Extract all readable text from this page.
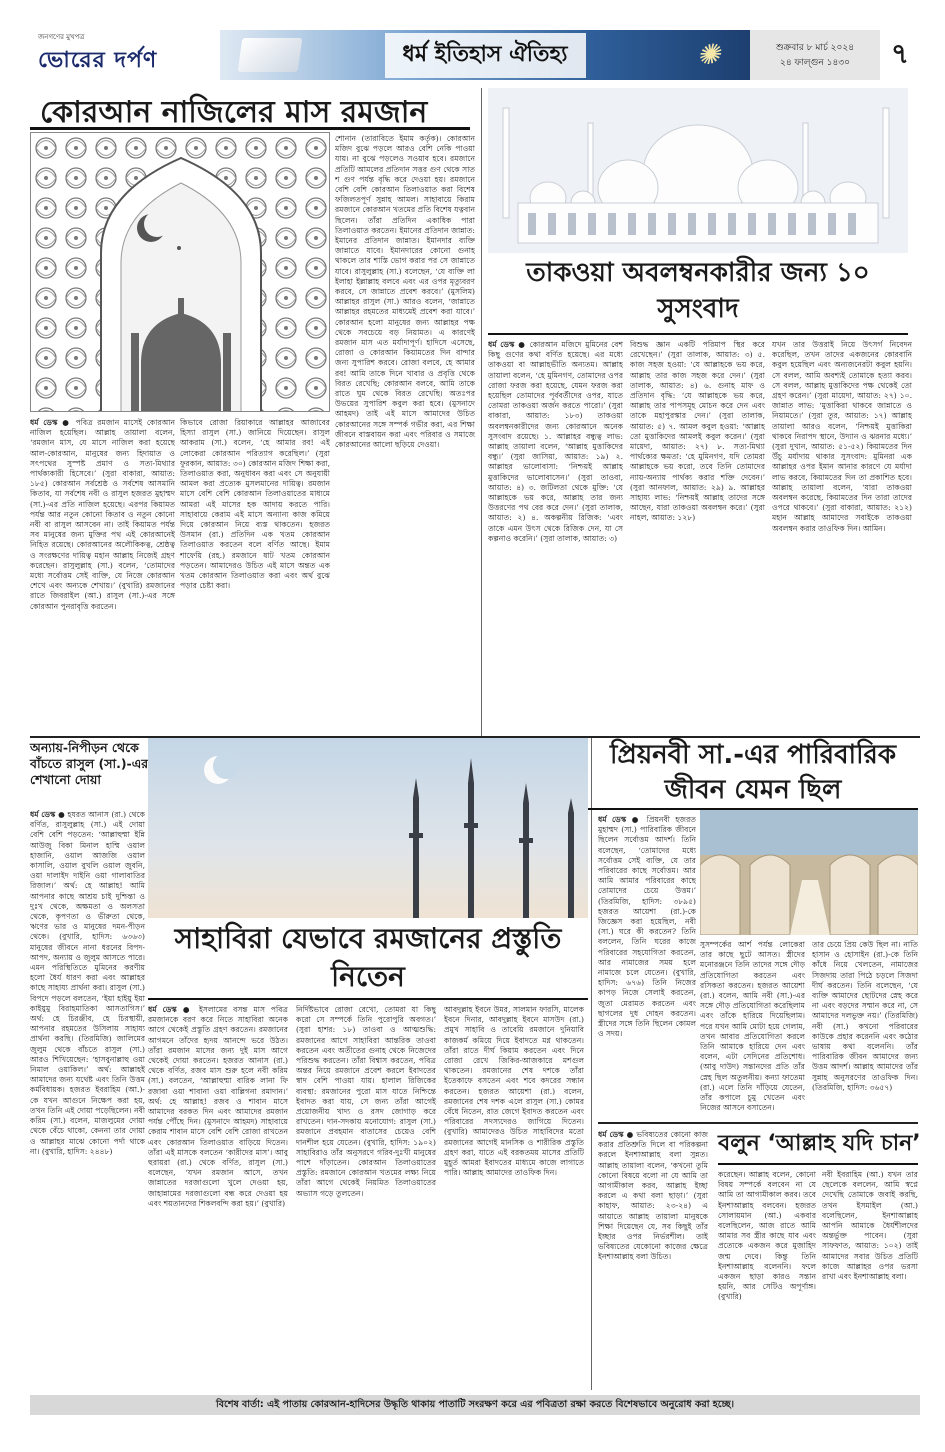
জনগণের মুখপত্র
ভোরের দর্পণ	ধর্ম ইতিহাস ঐতিহ্য	✺	শুক্রবার ৮ মার্চ ২০২৪
২৪ ফাল্গুন ১৪৩০	৭
কোরআন নাজিলের মাস রমজান
ধর্ম ডেস্ক ● পবিত্র রমজান মাসেই কোরআন নাজিল হয়েছিল। আল্লাহ তায়ালা বলেন, ‘রমজান মাস, যে মাসে নাজিল করা হয়েছে আল-কোরআন, মানুষের জন্য হিদায়াত ও সৎপথের সুস্পষ্ট প্রমাণ ও সত্য-মিথ্যার পার্থক্যকারী হিসেবে।’ (সুরা বাকারা, আয়াত: ১৮৫) কোরআন সর্বশ্রেষ্ঠ ও সর্বশেষ আসমানি কিতাব, যা সর্বশেষ নবী ও রাসুল হজরত মুহাম্মদ (সা.)-এর প্রতি নাজিল হয়েছে। এরপর কিয়ামত পর্যন্ত আর নতুন কোনো কিতাব ও নতুন কোনো নবী বা রাসুল আসবেন না। তাই কিয়ামত পর্যন্ত সব মানুষের জন্য মুক্তির পথ এই কোরআনেই নিহিত রয়েছে। কোরআনের অলৌকিকত্ব, শ্রেষ্ঠত্ব ও সংরক্ষণের দায়িত্ব মহান আল্লাহ নিজেই গ্রহণ করেছেন। রাসুলুল্লাহ (সা.) বলেন, ‘তোমাদের মধ্যে সর্বোত্তম সেই ব্যক্তি, যে নিজে কোরআন শেখে এবং অন্যকে শেখায়।’ (বুখারি) রমজানের রাতে জিবরাইল (আ.) রাসুল (সা.)-এর সঙ্গে কোরআন পুনরাবৃত্তি করতেন।
কিভাবে রোজা রিয়াকারে আল্লাহর আজাবের হিস্যা রাসুল (সা.) জানিয়ে দিয়েছেন। রাসুল আকরাম (সা.) বলেন, ‘হে আমার রব! এই লোকেরা কোরআন পরিত্যাগ করেছিল।’ (সুরা ফুরকান, আয়াত: ৩০) কোরআন মজিদ শিক্ষা করা, তিলাওয়াত করা, অনুধাবন করা এবং সে অনুযায়ী আমল করা প্রত্যেক মুসলমানের দায়িত্ব। রমজান মাসে বেশি বেশি কোরআন তিলাওয়াতের মাধ্যমে আমরা এই মাসের হক আদায় করতে পারি। সাহাবায়ে কেরাম এই মাসে অন্যান্য কাজ কমিয়ে দিয়ে কোরআন নিয়ে ব্যস্ত থাকতেন। হজরত উসমান (রা.) প্রতিদিন এক খতম কোরআন তিলাওয়াত করতেন বলে বর্ণিত আছে। ইমাম শাফেয়ি (রহ.) রমজানে ষাট খতম কোরআন পড়তেন। আমাদেরও উচিত এই মাসে অন্তত এক খতম কোরআন তিলাওয়াত করা এবং অর্থ বুঝে পড়ার চেষ্টা করা।
শোনান (তারাবিতে ইমাম কর্তৃক)। কোরআন মজিদ বুঝে পড়লে আরও বেশি নেকি পাওয়া যায়। না বুঝে পড়লেও সওয়াব হবে। রমজানে প্রতিটি আমলের প্রতিদান সত্তর গুণ থেকে সাত শ গুণ পর্যন্ত বৃদ্ধি করে দেওয়া হয়। রমজানে বেশি বেশি কোরআন তিলাওয়াত করা বিশেষ ফজিলতপূর্ণ সুন্নাহ আমল। সাহাবায়ে কিরাম রমজানে কোরআন খতমের প্রতি বিশেষ যত্নবান ছিলেন। তাঁরা প্রতিদিন একাধিক পারা তিলাওয়াত করতেন। ইমানের প্রতিদান জান্নাত: ইমানের প্রতিদান জান্নাত। ইমানদার ব্যক্তি জান্নাতে যাবে। ইমানদারের কোনো গুনাহ থাকলে তার শাস্তি ভোগ করার পর সে জান্নাতে যাবে। রাসুলুল্লাহ (সা.) বলেছেন, ‘যে ব্যক্তি লা ইলাহা ইল্লাল্লাহ বলবে এবং এর ওপর মৃত্যুবরণ করবে, সে জান্নাতে প্রবেশ করবে।’ (মুসলিম) আল্লাহর রাসুল (সা.) আরও বলেন, ‘জান্নাতে আল্লাহর রহমতের মাধ্যমেই প্রবেশ করা যাবে।’ কোরআন হলো মানুষের জন্য আল্লাহর পক্ষ থেকে সবচেয়ে বড় নিয়ামত। এ কারণেই রমজান মাস এত মর্যাদাপূর্ণ। হাদিসে এসেছে, রোজা ও কোরআন কিয়ামতের দিন বান্দার জন্য সুপারিশ করবে। রোজা বলবে, হে আমার রব! আমি তাকে দিনে খাবার ও প্রবৃত্তি থেকে বিরত রেখেছি; কোরআন বলবে, আমি তাকে রাতে ঘুম থেকে বিরত রেখেছি। অতঃপর উভয়ের সুপারিশ কবুল করা হবে। (মুসনাদে আহমদ) তাই এই মাসে আমাদের উচিত কোরআনের সঙ্গে সম্পর্ক গভীর করা, এর শিক্ষা জীবনে বাস্তবায়ন করা এবং পরিবার ও সমাজে কোরআনের আলো ছড়িয়ে দেওয়া।
তাকওয়া অবলম্বনকারীর জন্য ১০ সুসংবাদ
ধর্ম ডেস্ক ● কোরআন মজিদে মুমিনের বেশ কিছু গুণের কথা বর্ণিত হয়েছে। এর মধ্যে তাকওয়া বা আল্লাহভীতি অন্যতম। আল্লাহ তায়ালা বলেন, ‘হে মুমিনগণ, তোমাদের ওপর রোজা ফরজ করা হয়েছে, যেমন ফরজ করা হয়েছিল তোমাদের পূর্ববর্তীদের ওপর, যাতে তোমরা তাকওয়া অর্জন করতে পারো।’ (সুরা বাকারা, আয়াত: ১৮৩) তাকওয়া অবলম্বনকারীদের জন্য কোরআনে অনেক সুসংবাদ রয়েছে। ১. আল্লাহর বন্ধুত্ব লাভ: আল্লাহ তায়ালা বলেন, ‘আল্লাহ মুত্তাকিদের বন্ধু।’ (সুরা জাসিয়া, আয়াত: ১৯) ২. আল্লাহর ভালোবাসা: ‘নিশ্চয়ই আল্লাহ মুত্তাকিদের ভালোবাসেন।’ (সুরা তাওবা, আয়াত: ৪) ৩. জটিলতা থেকে মুক্তি: ‘যে আল্লাহকে ভয় করে, আল্লাহ তার জন্য উত্তরণের পথ বের করে দেন।’ (সুরা তালাক, আয়াত: ২) ৪. অকল্পনীয় রিজিক: ‘এবং তাকে এমন উৎস থেকে রিজিক দেন, যা সে কল্পনাও করেনি।’ (সুরা তালাক, আয়াত: ৩)
বিশুদ্ধ জ্ঞান একটি পরিমাপ স্থির করে রেখেছেন।’ (সুরা তালাক, আয়াত: ৩) ৫. কাজ সহজ হওয়া: ‘যে আল্লাহকে ভয় করে, আল্লাহ তার কাজ সহজ করে দেন।’ (সুরা তালাক, আয়াত: ৪) ৬. গুনাহ মাফ ও প্রতিদান বৃদ্ধি: ‘যে আল্লাহকে ভয় করে, আল্লাহ তার পাপসমূহ মোচন করে দেন এবং তাকে মহাপুরস্কার দেন।’ (সুরা তালাক, আয়াত: ৫) ৭. আমল কবুল হওয়া: ‘আল্লাহ তো মুত্তাকিদের আমলই কবুল করেন।’ (সুরা মায়েদা, আয়াত: ২৭) ৮. সত্য-মিথ্যা পার্থক্যের ক্ষমতা: ‘হে মুমিনগণ, যদি তোমরা আল্লাহকে ভয় করো, তবে তিনি তোমাদের ন্যায়-অন্যায় পার্থক্য করার শক্তি দেবেন।’ (সুরা আনফাল, আয়াত: ২৯) ৯. আল্লাহর সাহায্য লাভ: ‘নিশ্চয়ই আল্লাহ তাদের সঙ্গে আছেন, যারা তাকওয়া অবলম্বন করে।’ (সুরা নাহল, আয়াত: ১২৮)
যখন তার উত্তরাই নিয়ে উৎসর্গ নিবেদন করেছিল, তখন তাদের একজনের কোরবানি কবুল হয়েছিল এবং অন্যজনেরটা কবুল হয়নি। সে বলল, আমি অবশ্যই তোমাকে হত্যা করব। সে বলল, আল্লাহ মুত্তাকিদের পক্ষ থেকেই তো গ্রহণ করেন।’ (সুরা মায়েদা, আয়াত: ২৭) ১০. জান্নাত লাভ: ‘মুত্তাকিরা থাকবে জান্নাতে ও নিয়ামতে।’ (সুরা তুর, আয়াত: ১৭) আল্লাহ তায়ালা আরও বলেন, ‘নিশ্চয়ই মুত্তাকিরা থাকবে নিরাপদ স্থানে, উদ্যান ও ঝরনার মধ্যে।’ (সুরা দুখান, আয়াত: ৫১-৫২) কিয়ামতের দিন উঁচু মর্যাদায় থাকার সুসংবাদ: মুমিনরা এক আল্লাহর ওপর ইমান আনার কারণে যে মর্যাদা লাভ করবে, কিয়ামতের দিন তা প্রকাশিত হবে। আল্লাহ তায়ালা বলেন, ‘যারা তাকওয়া অবলম্বন করেছে, কিয়ামতের দিন তারা তাদের ওপরে থাকবে।’ (সুরা বাকারা, আয়াত: ২১২) মহান আল্লাহ আমাদের সবাইকে তাকওয়া অবলম্বন করার তাওফিক দিন। আমিন।
অন্যায়-নিপীড়ন থেকে বাঁচতে রাসুল (সা.)-এর শেখানো দোয়া
ধর্ম ডেস্ক ● হযরত আনাস (রা.) থেকে বর্ণিত, রাসুলুল্লাহ (সা.) এই দোয়া বেশি বেশি পড়তেন: ‘আল্লাহুম্মা ইন্নি আউজু বিকা মিনাল হাম্মি ওয়াল হাজানি, ওয়াল আজজি ওয়াল কাসালি, ওয়াল বুখলি ওয়াল জুবনি, ওয়া দালাইদ দাইনি ওয়া গালাবাতির রিজাল।’ অর্থ: হে আল্লাহ! আমি আপনার কাছে আশ্রয় চাই দুশ্চিন্তা ও দুঃখ থেকে, অক্ষমতা ও অলসতা থেকে, কৃপণতা ও ভীরুতা থেকে, ঋণের ভার ও মানুষের দমন-পীড়ন থেকে। (বুখারি, হাদিস: ৬৩৬৩) মানুষের জীবনে নানা ধরনের বিপদ-আপদ, অন্যায় ও জুলুম আসতে পারে। এমন পরিস্থিতিতে মুমিনের করণীয় হলো ধৈর্য ধারণ করা এবং আল্লাহর কাছে সাহায্য প্রার্থনা করা। রাসুল (সা.) বিপদে পড়লে বলতেন, ‘ইয়া হাইয়ু ইয়া কাইয়ুমু বিরাহমাতিকা আসতাগিস।’ অর্থ: হে চিরঞ্জীব, হে চিরস্থায়ী, আপনার রহমতের উসিলায় সাহায্য প্রার্থনা করছি। (তিরমিজি) জালিমের জুলুম থেকে বাঁচতে রাসুল (সা.) আরও শিখিয়েছেন: ‘হাসবুনাল্লাহু ওয়া নিমাল ওয়াকিল।’ অর্থ: আল্লাহই আমাদের জন্য যথেষ্ট এবং তিনি উত্তম কর্মবিধায়ক। হজরত ইবরাহিম (আ.)-কে যখন আগুনে নিক্ষেপ করা হয়, তখন তিনি এই দোয়া পড়েছিলেন। নবী করিম (সা.) বলেন, মাজলুমের দোয়া থেকে বেঁচে থাকো, কেননা তার দোয়া ও আল্লাহর মাঝে কোনো পর্দা থাকে না। (বুখারি, হাদিস: ২৪৪৮)
সাহাবিরা যেভাবে রমজানের প্রস্তুতি নিতেন
ধর্ম ডেস্ক ● ইসলামের বসন্ত মাস পবিত্র রমজানকে বরণ করে নিতে সাহাবিরা অনেক আগে থেকেই প্রস্তুতি গ্রহণ করতেন। রমজানের আগমনে তাঁদের হৃদয় আনন্দে ভরে উঠত। তাঁরা রমজান মাসের জন্য দুই মাস আগে থেকেই দোয়া করতেন। হজরত আনাস (রা.) থেকে বর্ণিত, রজব মাস শুরু হলে নবী করিম (সা.) বলতেন, ‘আল্লাহুম্মা বারিক লানা ফি রজাবা ওয়া শাবানা ওয়া বাল্লিগনা রমাদান।’ অর্থ: হে আল্লাহ! রজব ও শাবান মাসে আমাদের বরকত দিন এবং আমাদের রমজান পর্যন্ত পৌঁছে দিন। (মুসনাদে আহমদ) সাহাবায়ে কেরাম শাবান মাসে বেশি বেশি রোজা রাখতেন এবং কোরআন তিলাওয়াত বাড়িয়ে দিতেন। তাঁরা এই মাসকে বলতেন ‘কারীদের মাস’। আবু হুরায়রা (রা.) থেকে বর্ণিত, রাসুল (সা.) বলেছেন, ‘যখন রমজান আসে, তখন জান্নাতের দরজাগুলো খুলে দেওয়া হয়, জাহান্নামের দরজাগুলো বন্ধ করে দেওয়া হয় এবং শয়তানদের শিকলবন্দি করা হয়।’ (বুখারি)
নির্দিষ্টভাবে রোজা রেখো, তোমরা যা কিছু করো সে সম্পর্কে তিনি পুরোপুরি অবগত।’ (সুরা হাশর: ১৮) তাওবা ও আত্মশুদ্ধি: রমজানের আগে সাহাবিরা আন্তরিক তাওবা করতেন এবং অতীতের গুনাহ থেকে নিজেদের পরিশুদ্ধ করতেন। তাঁরা বিশ্বাস করতেন, পবিত্র অন্তর নিয়ে রমজানে প্রবেশ করলে ইবাদতের স্বাদ বেশি পাওয়া যায়। হালাল রিজিকের ব্যবস্থা: রমজানের পুরো মাস যাতে নিশ্চিন্তে ইবাদত করা যায়, সে জন্য তাঁরা আগেই প্রয়োজনীয় খাদ্য ও রসদ জোগাড় করে রাখতেন। দান-সদকায় মনোযোগ: রাসুল (সা.) রমজানে প্রবহমান বাতাসের চেয়েও বেশি দানশীল হয়ে যেতেন। (বুখারি, হাদিস: ১৯০২) সাহাবিরাও তাঁর অনুসরণে গরিব-দুঃখী মানুষের পাশে দাঁড়াতেন। কোরআন তিলাওয়াতের প্রস্তুতি: রমজানে কোরআন খতমের লক্ষ্য নিয়ে তাঁরা আগে থেকেই নিয়মিত তিলাওয়াতের অভ্যাস গড়ে তুলতেন।
আবদুল্লাহ ইবনে উমর, সালমান ফারসি, মালেক ইবনে দিনার, আবদুল্লাহ ইবনে মাসউদ (রা.) প্রমুখ সাহাবি ও তাবেয়ি রমজানে দুনিয়াবি কাজকর্ম কমিয়ে দিয়ে ইবাদতে মগ্ন থাকতেন। তাঁরা রাতে দীর্ঘ কিয়াম করতেন এবং দিনে রোজা রেখে জিকির-আজকারে মশগুল থাকতেন। রমজানের শেষ দশকে তাঁরা ইতেকাফে বসতেন এবং শবে কদরের সন্ধান করতেন। হজরত আয়েশা (রা.) বলেন, রমজানের শেষ দশক এলে রাসুল (সা.) কোমর বেঁধে নিতেন, রাত জেগে ইবাদত করতেন এবং পরিবারের সদস্যদেরও জাগিয়ে দিতেন। (বুখারি) আমাদেরও উচিত সাহাবিদের মতো রমজানের আগেই মানসিক ও শারীরিক প্রস্তুতি গ্রহণ করা, যাতে এই বরকতময় মাসের প্রতিটি মুহূর্ত আমরা ইবাদতের মাধ্যমে কাজে লাগাতে পারি। আল্লাহ আমাদের তাওফিক দিন।
প্রিয়নবী সা.-এর পারিবারিক জীবন যেমন ছিল
ধর্ম ডেস্ক ● প্রিয়নবী হজরত মুহাম্মদ (সা.) পারিবারিক জীবনে ছিলেন সর্বোত্তম আদর্শ। তিনি বলেছেন, ‘তোমাদের মধ্যে সর্বোত্তম সেই ব্যক্তি, যে তার পরিবারের কাছে সর্বোত্তম। আর আমি আমার পরিবারের কাছে তোমাদের চেয়ে উত্তম।’ (তিরমিজি, হাদিস: ৩৮৯৫) হজরত আয়েশা (রা.)-কে জিজ্ঞেস করা হয়েছিল, নবী (সা.) ঘরে কী করতেন? তিনি বললেন, তিনি ঘরের কাজে পরিবারের সহযোগিতা করতেন, আর নামাজের সময় হলে নামাজে চলে যেতেন। (বুখারি, হাদিস: ৬৭৬) তিনি নিজের কাপড় নিজে সেলাই করতেন, জুতা মেরামত করতেন এবং ছাগলের দুধ দোহন করতেন। স্ত্রীদের সঙ্গে তিনি ছিলেন কোমল ও সদয়।
সুসম্পর্কের আর্শ পর্যন্ত লোকেরা তার কাছে ছুটে আসত। স্ত্রীদের মনোরঞ্জনে তিনি তাদের সঙ্গে দৌড় প্রতিযোগিতা করতেন এবং রসিকতা করতেন। হজরত আয়েশা (রা.) বলেন, আমি নবী (সা.)-এর সঙ্গে দৌড় প্রতিযোগিতা করেছিলাম এবং তাঁকে হারিয়ে দিয়েছিলাম। পরে যখন আমি মোটা হয়ে গেলাম, তখন আবার প্রতিযোগিতা করলে তিনি আমাকে হারিয়ে দেন এবং বলেন, এটা সেদিনের প্রতিশোধ। (আবু দাউদ) সন্তানদের প্রতি তাঁর স্নেহ ছিল অতুলনীয়। কন্যা ফাতেমা (রা.) এলে তিনি দাঁড়িয়ে যেতেন, তাঁর কপালে চুমু খেতেন এবং নিজের আসনে বসাতেন।
তার চেয়ে প্রিয় কেউ ছিল না। নাতি হাসান ও হোসাইন (রা.)-কে তিনি কাঁধে নিয়ে খেলতেন, নামাজের সিজদায় তারা পিঠে চড়লে সিজদা দীর্ঘ করতেন। তিনি বলেছেন, ‘যে ব্যক্তি আমাদের ছোটদের স্নেহ করে না এবং বড়দের সম্মান করে না, সে আমাদের দলভুক্ত নয়।’ (তিরমিজি) নবী (সা.) কখনো পরিবারের কাউকে প্রহার করেননি এবং কঠোর ভাষায় কথা বলেননি। তাঁর পারিবারিক জীবন আমাদের জন্য উত্তম আদর্শ। আল্লাহ আমাদের তাঁর সুন্নাহ অনুসরণের তাওফিক দিন। (তিরমিজি, হাদিস: ৩৬৫৭)
বলুন ‘আল্লাহ যদি চান’
ধর্ম ডেস্ক ● ভবিষ্যতের কোনো কাজ করার প্রতিশ্রুতি দিলে বা পরিকল্পনা করলে ইনশাআল্লাহ বলা সুন্নত। আল্লাহ তায়ালা বলেন, ‘কখনো তুমি কোনো বিষয়ে বলো না যে আমি তা আগামীকাল করব, আল্লাহ ইচ্ছা করলে এ কথা বলা ছাড়া।’ (সুরা কাহাফ, আয়াত: ২৩-২৪) এ আয়াতে আল্লাহ তায়ালা মানুষকে শিক্ষা দিয়েছেন যে, সব কিছুই তাঁর ইচ্ছার ওপর নির্ভরশীল। তাই ভবিষ্যতের যেকোনো কাজের ক্ষেত্রে ইনশাআল্লাহ বলা উচিত।
করেছেন। আল্লাহ বলেন, কোনো বিষয় সম্পর্কে বলবেন না যে আমি তা আগামীকাল করব। তবে ইনশাআল্লাহ বলবেন। হজরত সোলায়মান (আ.) একবার বলেছিলেন, আজ রাতে আমি আমার সব স্ত্রীর কাছে যাব এবং প্রত্যেকে একজন করে মুজাহিদ জন্ম দেবে। কিন্তু তিনি ইনশাআল্লাহ বলেননি। ফলে একজন ছাড়া কারও সন্তান হয়নি, আর সেটিও অপূর্ণাঙ্গ। (বুখারি)
নবী ইবরাহিম (আ.) যখন তার ছেলেকে বললেন, আমি স্বপ্নে দেখেছি তোমাকে জবাই করছি, তখন ইসমাইল (আ.) বলেছিলেন, ইনশাআল্লাহ আপনি আমাকে ধৈর্যশীলদের অন্তর্ভুক্ত পাবেন। (সুরা সাফফাত, আয়াত: ১০২) তাই আমাদের সবার উচিত প্রতিটি কাজে আল্লাহর ওপর ভরসা রাখা এবং ইনশাআল্লাহ বলা।
বিশেষ বার্তা: এই পাতায় কোরআন-হাদিসের উদ্ধৃতি থাকায় পাতাটি সংরক্ষণ করে এর পবিত্রতা রক্ষা করতে বিশেষভাবে অনুরোধ করা হচ্ছে।
